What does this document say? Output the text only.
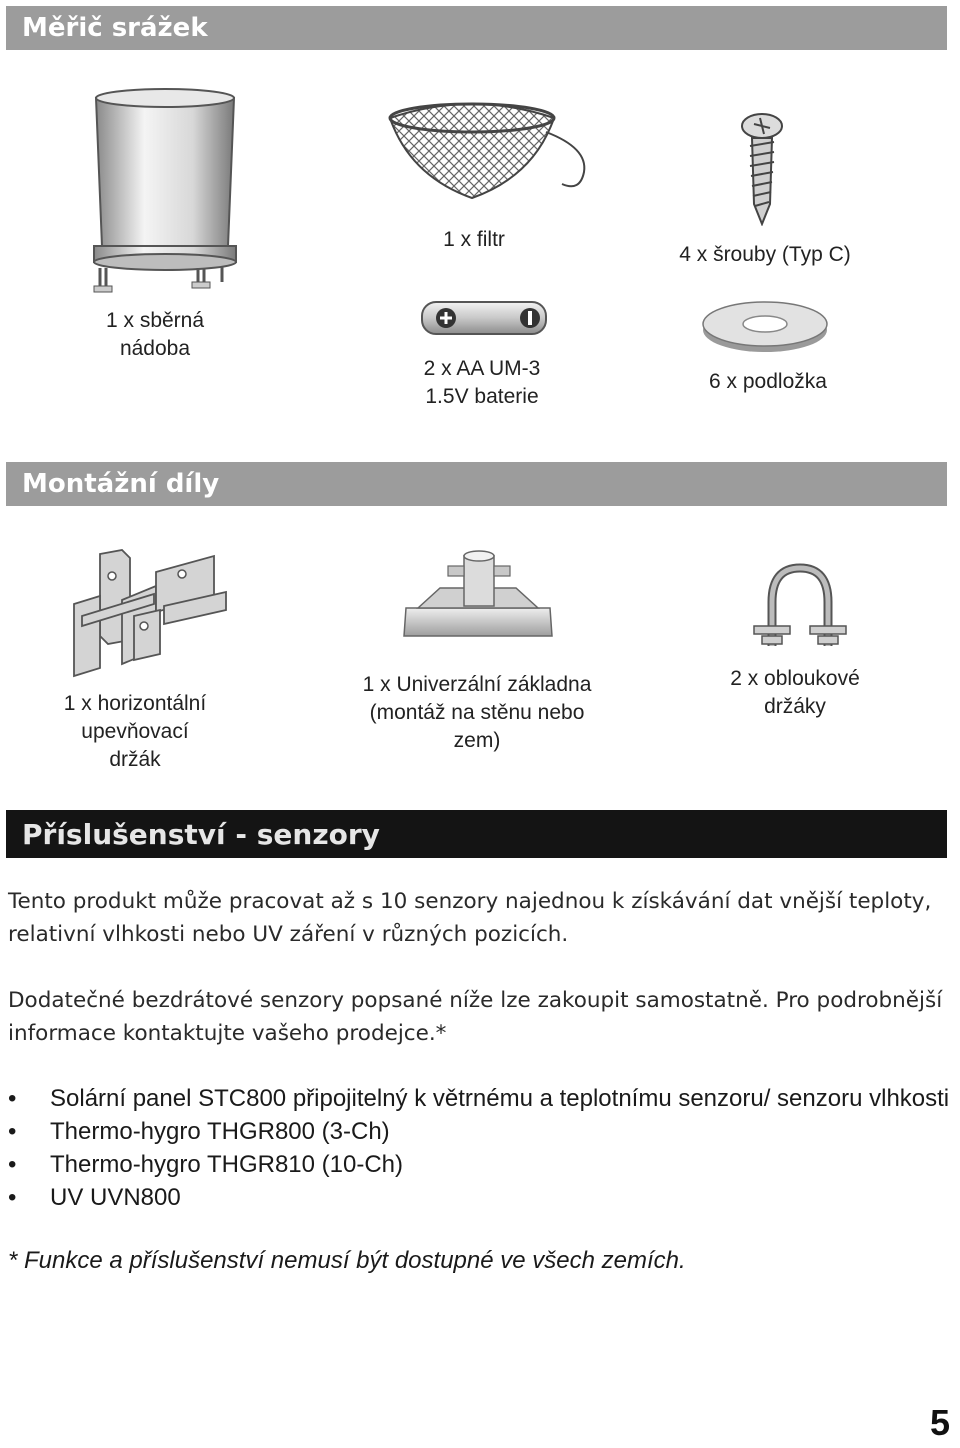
Měřič srážek
1 x sběrná
nádoba
1 x filtr
4 x šrouby (Typ C)
2 x AA UM-3
1.5V baterie
6 x podložka
Montážní díly
1 x horizontální
upevňovací
držák
1 x Univerzální základna
(montáž na stěnu nebo
zem)
2 x obloukové
držáky
Příslušenství - senzory
Tento produkt může pracovat až s 10 senzory najednou k získávání dat vnější teploty, relativní vlhkosti nebo UV záření v různých pozicích.
Dodatečné bezdrátové senzory popsané níže lze zakoupit samostatně. Pro podrobnější informace kontaktujte vašeho prodejce.*
• Solární panel STC800 připojitelný k větrnému a teplotnímu senzoru/ senzoru vlhkosti
• Thermo-hygro THGR800 (3-Ch)
• Thermo-hygro THGR810 (10-Ch)
• UV UVN800
* Funkce a příslušenství nemusí být dostupné ve všech zemích.
5
